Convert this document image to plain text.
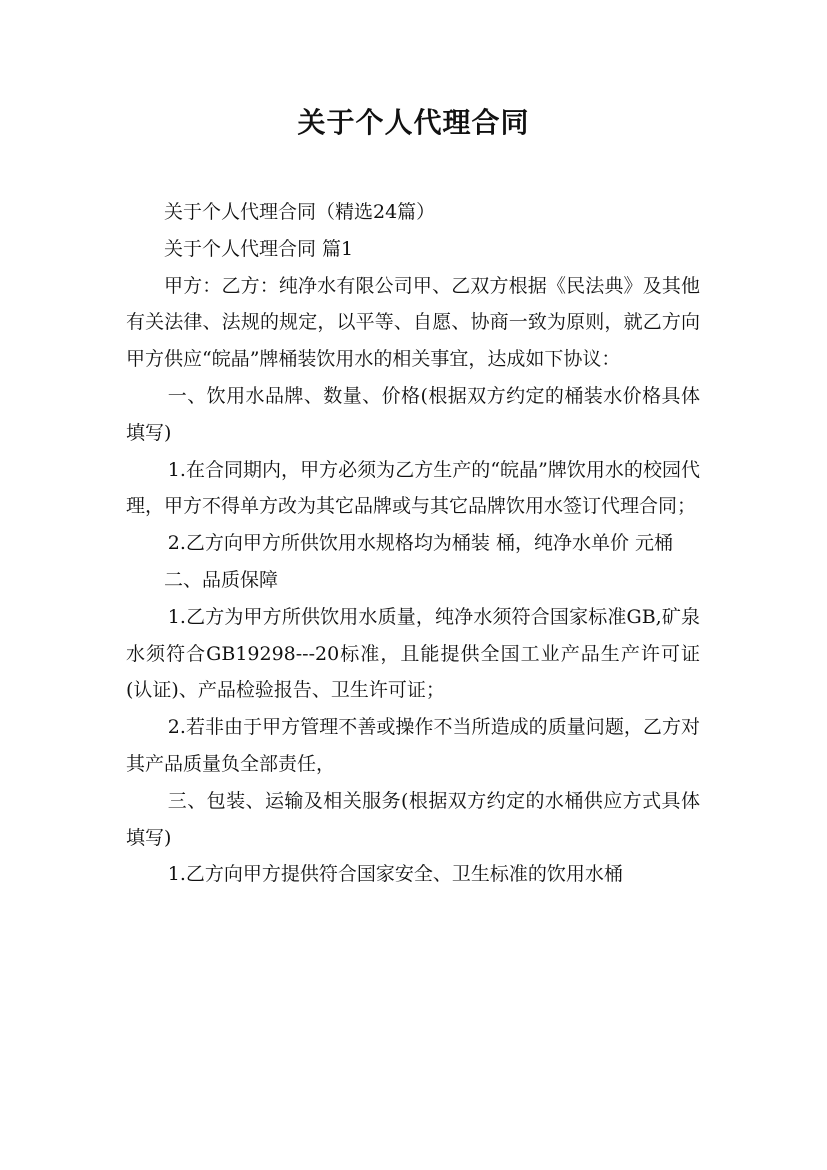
关于个人代理合同

关于个人代理合同（精选24篇）

关于个人代理合同 篇1

甲方：乙方：纯净水有限公司甲、乙双方根据《民法典》及其他有关法律、法规的规定，以平等、自愿、协商一致为原则，就乙方向甲方供应“皖晶”牌桶装饮用水的相关事宜，达成如下协议：

一、饮用水品牌、数量、价格(根据双方约定的桶装水价格具体填写)

1.在合同期内，甲方必须为乙方生产的“皖晶”牌饮用水的校园代理，甲方不得单方改为其它品牌或与其它品牌饮用水签订代理合同；

2.乙方向甲方所供饮用水规格均为桶装 桶，纯净水单价 元桶

二、品质保障

1.乙方为甲方所供饮用水质量，纯净水须符合国家标准GB,矿泉水须符合GB19298---20标准，且能提供全国工业产品生产许可证(认证)、产品检验报告、卫生许可证；

2.若非由于甲方管理不善或操作不当所造成的质量问题，乙方对其产品质量负全部责任，

三、包装、运输及相关服务(根据双方约定的水桶供应方式具体填写)

1.乙方向甲方提供符合国家安全、卫生标准的饮用水桶
